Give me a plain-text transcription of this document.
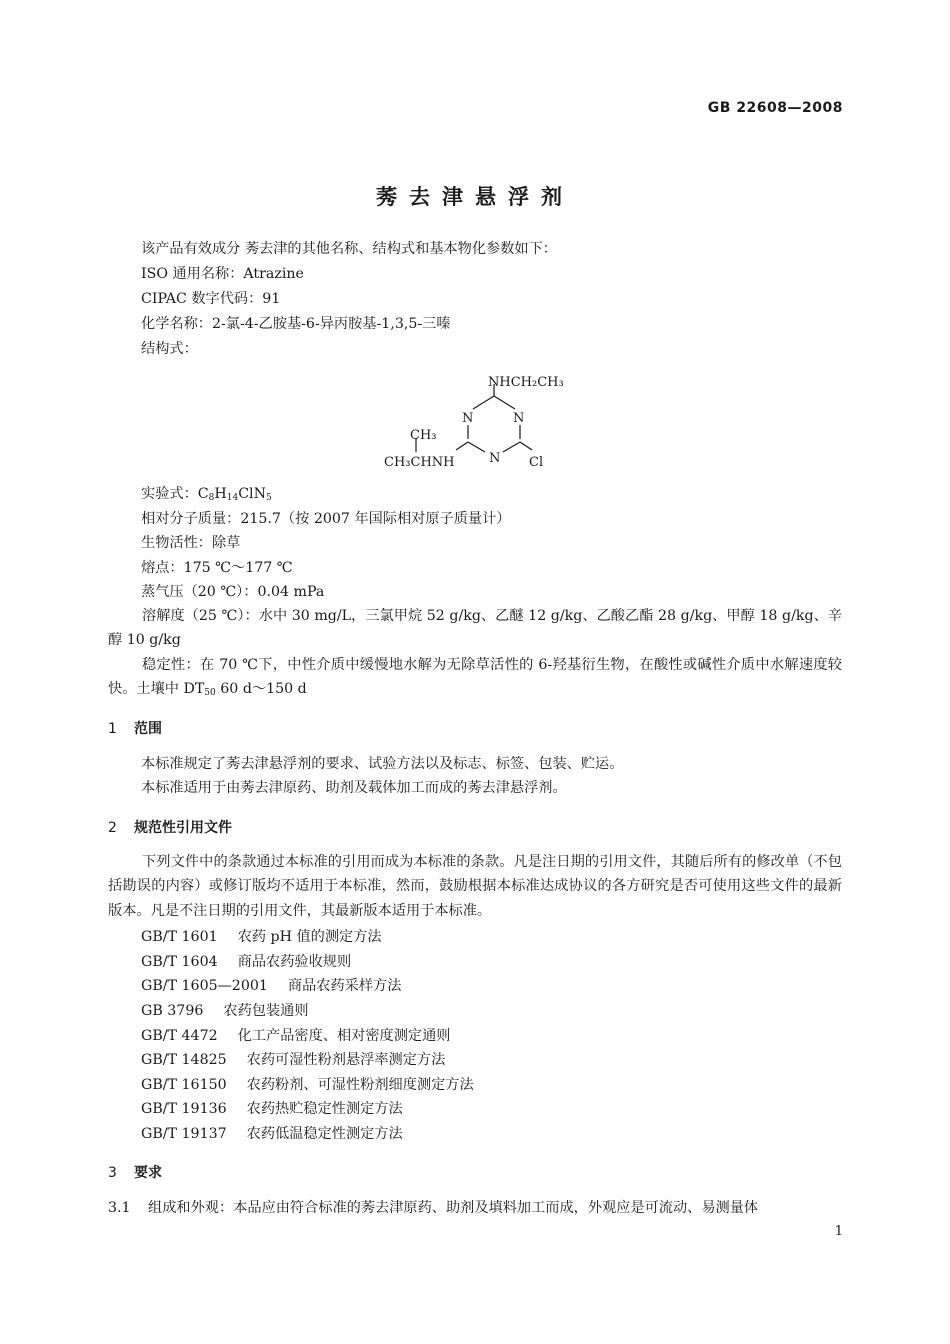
GB 22608—2008
莠去津悬浮剂
该产品有效成分 莠去津的其他名称、结构式和基本物化参数如下：
ISO 通用名称：Atrazine
CIPAC 数字代码：91
化学名称：2-氯-4-乙胺基-6-异丙胺基-1,3,5-三嗪
结构式：
NHCH₂CH₃
N	N
N
CH₃
CH₃CHNH	Cl
实验式：$C_8H_{14}ClN_5$
相对分子质量：215.7（按 2007 年国际相对原子质量计）
生物活性：除草
熔点：175 ℃～177 ℃
蒸气压（20 ℃）：0.04 mPa
溶解度（25 ℃）：水中 30 mg/L，三氯甲烷 52 g/kg、乙醚 12 g/kg、乙酸乙酯 28 g/kg、甲醇 18 g/kg、辛醇 10 g/kg
稳定性：在 70 ℃下，中性介质中缓慢地水解为无除草活性的 6-羟基衍生物，在酸性或碱性介质中水解速度较快。土壤中 $DT_{50}$ 60 d～150 d
1 范围
本标准规定了莠去津悬浮剂的要求、试验方法以及标志、标签、包装、贮运。
本标准适用于由莠去津原药、助剂及载体加工而成的莠去津悬浮剂。
2 规范性引用文件
下列文件中的条款通过本标准的引用而成为本标准的条款。凡是注日期的引用文件，其随后所有的修改单（不包括勘误的内容）或修订版均不适用于本标准，然而，鼓励根据本标准达成协议的各方研究是否可使用这些文件的最新版本。凡是不注日期的引用文件，其最新版本适用于本标准。
GB/T 1601 农药 pH 值的测定方法
GB/T 1604 商品农药验收规则
GB/T 1605—2001 商品农药采样方法
GB 3796 农药包装通则
GB/T 4472 化工产品密度、相对密度测定通则
GB/T 14825 农药可湿性粉剂悬浮率测定方法
GB/T 16150 农药粉剂、可湿性粉剂细度测定方法
GB/T 19136 农药热贮稳定性测定方法
GB/T 19137 农药低温稳定性测定方法
3 要求
3.1 组成和外观：本品应由符合标准的莠去津原药、助剂及填料加工而成，外观应是可流动、易测量体
1
